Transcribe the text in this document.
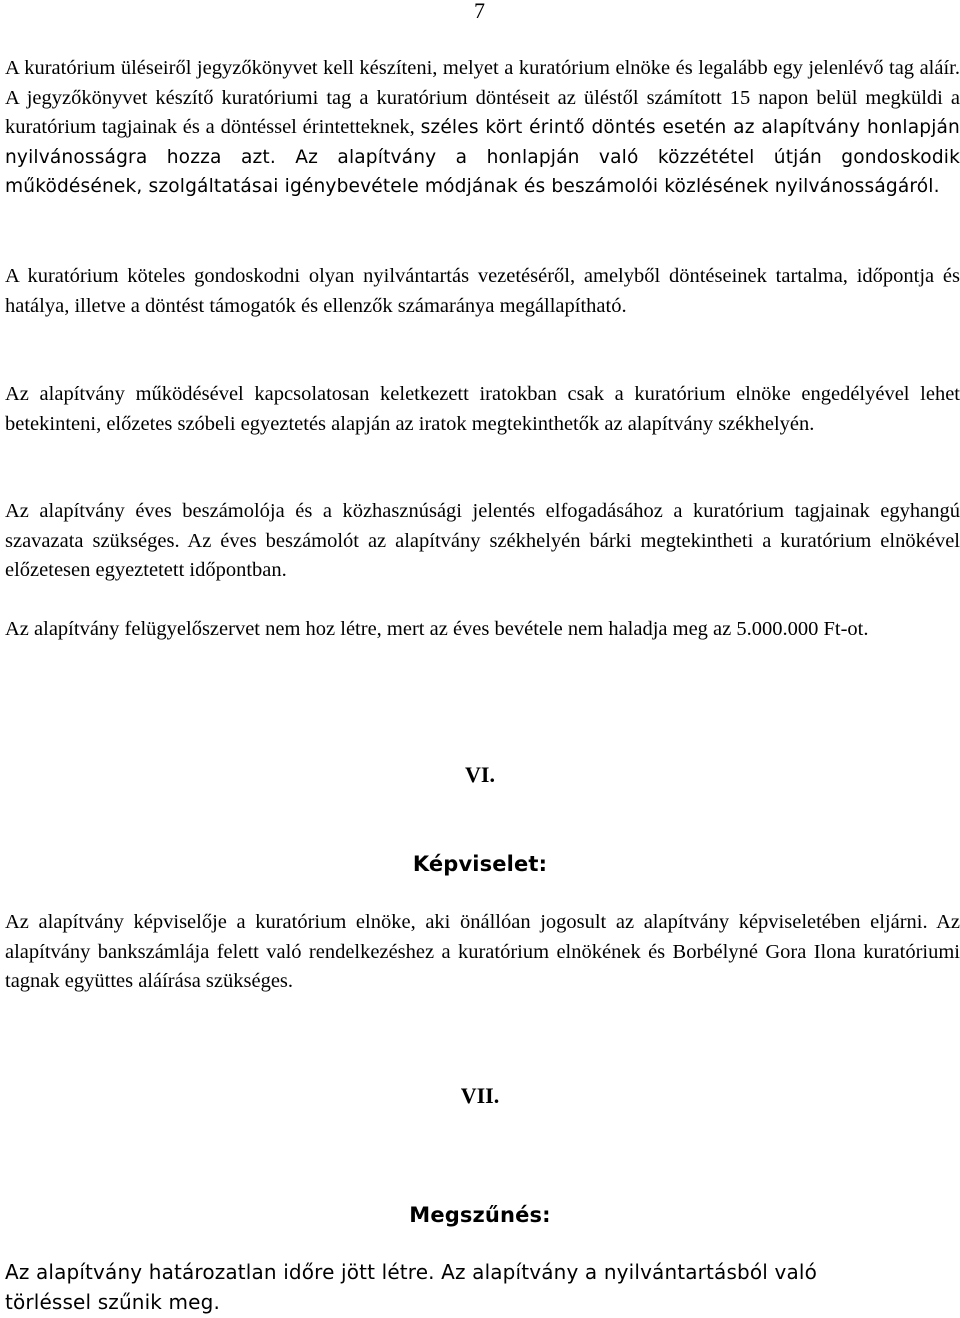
7

A kuratórium üléseiről jegyzőkönyvet kell készíteni, melyet a kuratórium elnöke és legalább egy jelenlévő tag aláír. A jegyzőkönyvet készítő kuratóriumi tag a kuratórium döntéseit az üléstől számított 15 napon belül megküldi a kuratórium tagjainak és a döntéssel érintetteknek, széles kört érintő döntés esetén az alapítvány honlapján nyilvánosságra hozza azt. Az alapítvány a honlapján való közzététel útján gondoskodik működésének, szolgáltatásai igénybevétele módjának és beszámolói közlésének nyilvánosságáról.

A kuratórium köteles gondoskodni olyan nyilvántartás vezetéséről, amelyből döntéseinek tartalma, időpontja és hatálya, illetve a döntést támogatók és ellenzők számaránya megállapítható.

Az alapítvány működésével kapcsolatosan keletkezett iratokban csak a kuratórium elnöke engedélyével lehet betekinteni, előzetes szóbeli egyeztetés alapján az iratok megtekinthetők az alapítvány székhelyén.

Az alapítvány éves beszámolója és a közhasznúsági jelentés elfogadásához a kuratórium tagjainak egyhangú szavazata szükséges. Az éves beszámolót az alapítvány székhelyén bárki megtekintheti a kuratórium elnökével előzetesen egyeztetett időpontban.

Az alapítvány felügyelőszervet nem hoz létre, mert az éves bevétele nem haladja meg az 5.000.000 Ft-ot.

VI.
Képviselet:

Az alapítvány képviselője a kuratórium elnöke, aki önállóan jogosult az alapítvány képviseletében eljárni. Az alapítvány bankszámlája felett való rendelkezéshez a kuratórium elnökének és Borbélyné Gora Ilona kuratóriumi tagnak együttes aláírása szükséges.

VII.
Megszűnés:

Az alapítvány határozatlan időre jött létre. Az alapítvány a nyilvántartásból való törléssel szűnik meg.
